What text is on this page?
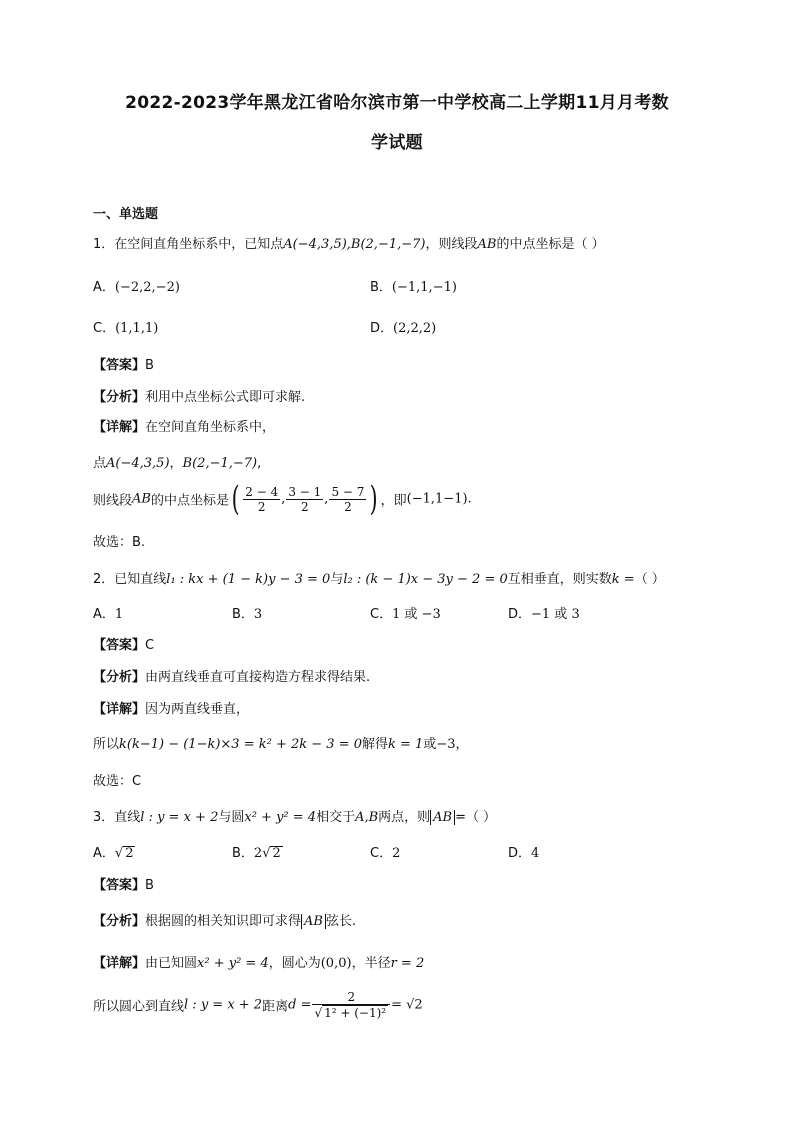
2022-2023学年黑龙江省哈尔滨市第一中学校高二上学期11月月考数
学试题
一、单选题
1．在空间直角坐标系中，已知点A(−4,3,5),B(2,−1,−7)，则线段AB的中点坐标是（ ）
A．(−2,2,−2)	B．(−1,1,−1)
C．(1,1,1)	D．(2,2,2)
【答案】B
【分析】利用中点坐标公式即可求解.
【详解】在空间直角坐标系中，
点A(−4,3,5)，B(2,−1,−7),
则线段AB的中点坐标是( $\frac{2 - 4}{2}$ , $\frac{3 - 1}{2}$ , $\frac{5 - 7}{2}$ ) ，即(−1,1−1).
故选：B.
2．已知直线l₁ : kx + (1 − k)y − 3 = 0与l₂ : (k − 1)x − 3y − 2 = 0互相垂直，则实数k =（ ）
A．1	B．3	C．1 或 −3	D．−1 或 3
【答案】C
【分析】由两直线垂直可直接构造方程求得结果.
【详解】因为两直线垂直，
所以k(k−1) − (1−k)×3 = k² + 2k − 3 = 0解得k = 1或−3，
故选：C
3．直线l : y = x + 2与圆x² + y² = 4相交于A,B两点，则 AB =（ ）
A．√ 2	B．2√ 2	C．2	D．4
【答案】B
【分析】根据圆的相关知识即可求得 AB 弦长.
【详解】由已知圆x² + y² = 4，圆心为(0,0)，半径r = 2
所以圆心到直线l : y = x + 2距离$d = \frac{2}{\text{√ 1² + (−1)²}} = √2$
